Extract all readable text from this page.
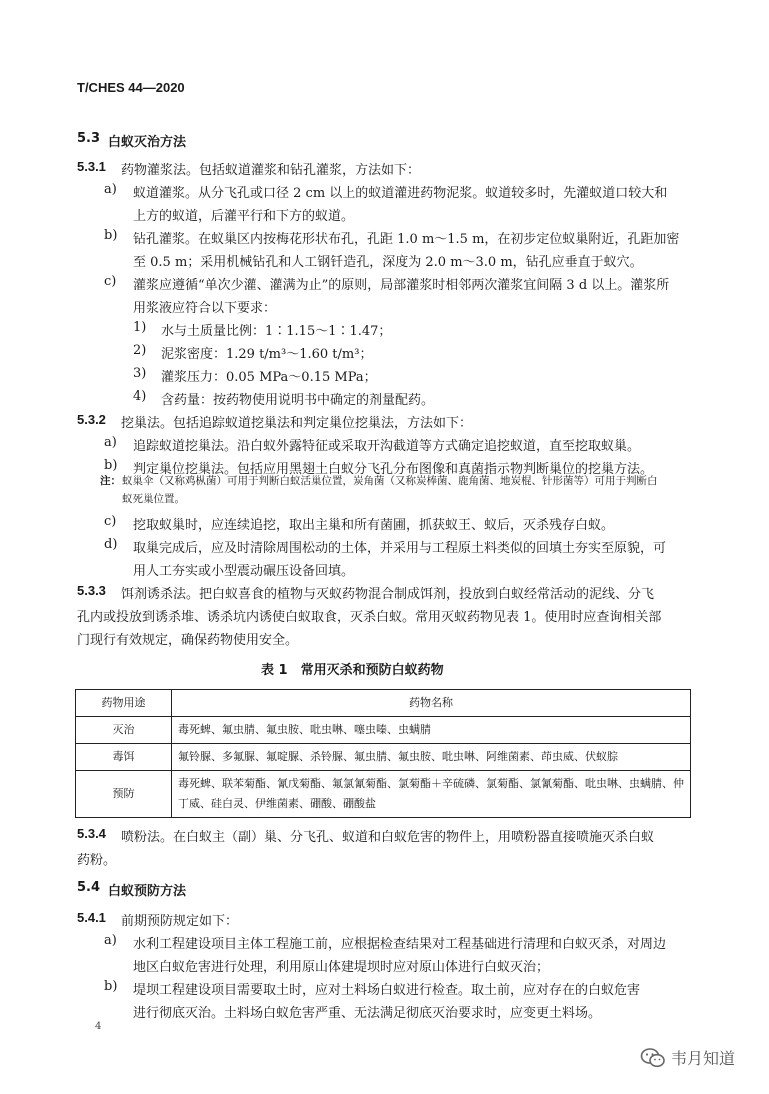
T/CHES 44—2020
5.3 白蚁灭治方法
5.3.1 药物灌浆法。包括蚁道灌浆和钻孔灌浆，方法如下：
a) 蚁道灌浆。从分飞孔或口径 2 cm 以上的蚁道灌进药物泥浆。蚁道较多时，先灌蚁道口较大和
上方的蚁道，后灌平行和下方的蚁道。
b) 钻孔灌浆。在蚁巢区内按梅花形状布孔，孔距 1.0 m～1.5 m，在初步定位蚁巢附近，孔距加密
至 0.5 m；采用机械钻孔和人工钢钎造孔，深度为 2.0 m～3.0 m，钻孔应垂直于蚁穴。
c) 灌浆应遵循“单次少灌、灌满为止”的原则，局部灌浆时相邻两次灌浆宜间隔 3 d 以上。灌浆所
用浆液应符合以下要求：
1) 水与土质量比例：1∶1.15～1∶1.47；
2) 泥浆密度：1.29 t/m³～1.60 t/m³；
3) 灌浆压力：0.05 MPa～0.15 MPa；
4) 含药量：按药物使用说明书中确定的剂量配药。
5.3.2 挖巢法。包括追踪蚁道挖巢法和判定巢位挖巢法，方法如下：
a) 追踪蚁道挖巢法。沿白蚁外露特征或采取开沟截道等方式确定追挖蚁道，直至挖取蚁巢。
b) 判定巢位挖巢法。包括应用黑翅土白蚁分飞孔分布图像和真菌指示物判断巢位的挖巢方法。
注： 蚁巢伞（又称鸡枞菌）可用于判断白蚁活巢位置，炭角菌（又称炭棒菌、鹿角菌、地炭棍、针形菌等）可用于判断白
蚁死巢位置。
c) 挖取蚁巢时，应连续追挖，取出主巢和所有菌圃，抓获蚁王、蚁后，灭杀残存白蚁。
d) 取巢完成后，应及时清除周围松动的土体，并采用与工程原土料类似的回填土夯实至原貌，可
用人工夯实或小型震动碾压设备回填。
5.3.3 饵剂诱杀法。把白蚁喜食的植物与灭蚁药物混合制成饵剂，投放到白蚁经常活动的泥线、分飞
孔内或投放到诱杀堆、诱杀坑内诱使白蚁取食，灭杀白蚁。常用灭蚁药物见表 1。使用时应查询相关部
门现行有效规定，确保药物使用安全。
表 1　常用灭杀和预防白蚁药物
药物用途	药物名称
灭治	毒死蜱、氟虫腈、氟虫胺、吡虫啉、噻虫嗪、虫螨腈
毒饵	氟铃脲、多氟脲、氟啶脲、杀铃脲、氟虫腈、氟虫胺、吡虫啉、阿维菌素、茚虫威、伏蚁腙
预防	毒死蜱、联苯菊酯、氰戊菊酯、氟氯氰菊酯、氯菊酯＋辛硫磷、氯菊酯、氯氰菊酯、吡虫啉、虫螨腈、仲丁威、硅白灵、伊维菌素、硼酸、硼酸盐
5.3.4 喷粉法。在白蚁主（副）巢、分飞孔、蚁道和白蚁危害的物件上，用喷粉器直接喷施灭杀白蚁
药粉。
5.4 白蚁预防方法
5.4.1 前期预防规定如下：
a) 水利工程建设项目主体工程施工前，应根据检查结果对工程基础进行清理和白蚁灭杀，对周边
地区白蚁危害进行处理，利用原山体建堤坝时应对原山体进行白蚁灭治；
b) 堤坝工程建设项目需要取土时，应对土料场白蚁进行检查。取土前，应对存在的白蚁危害
进行彻底灭治。土料场白蚁危害严重、无法满足彻底灭治要求时，应变更土料场。
4
韦月知道
